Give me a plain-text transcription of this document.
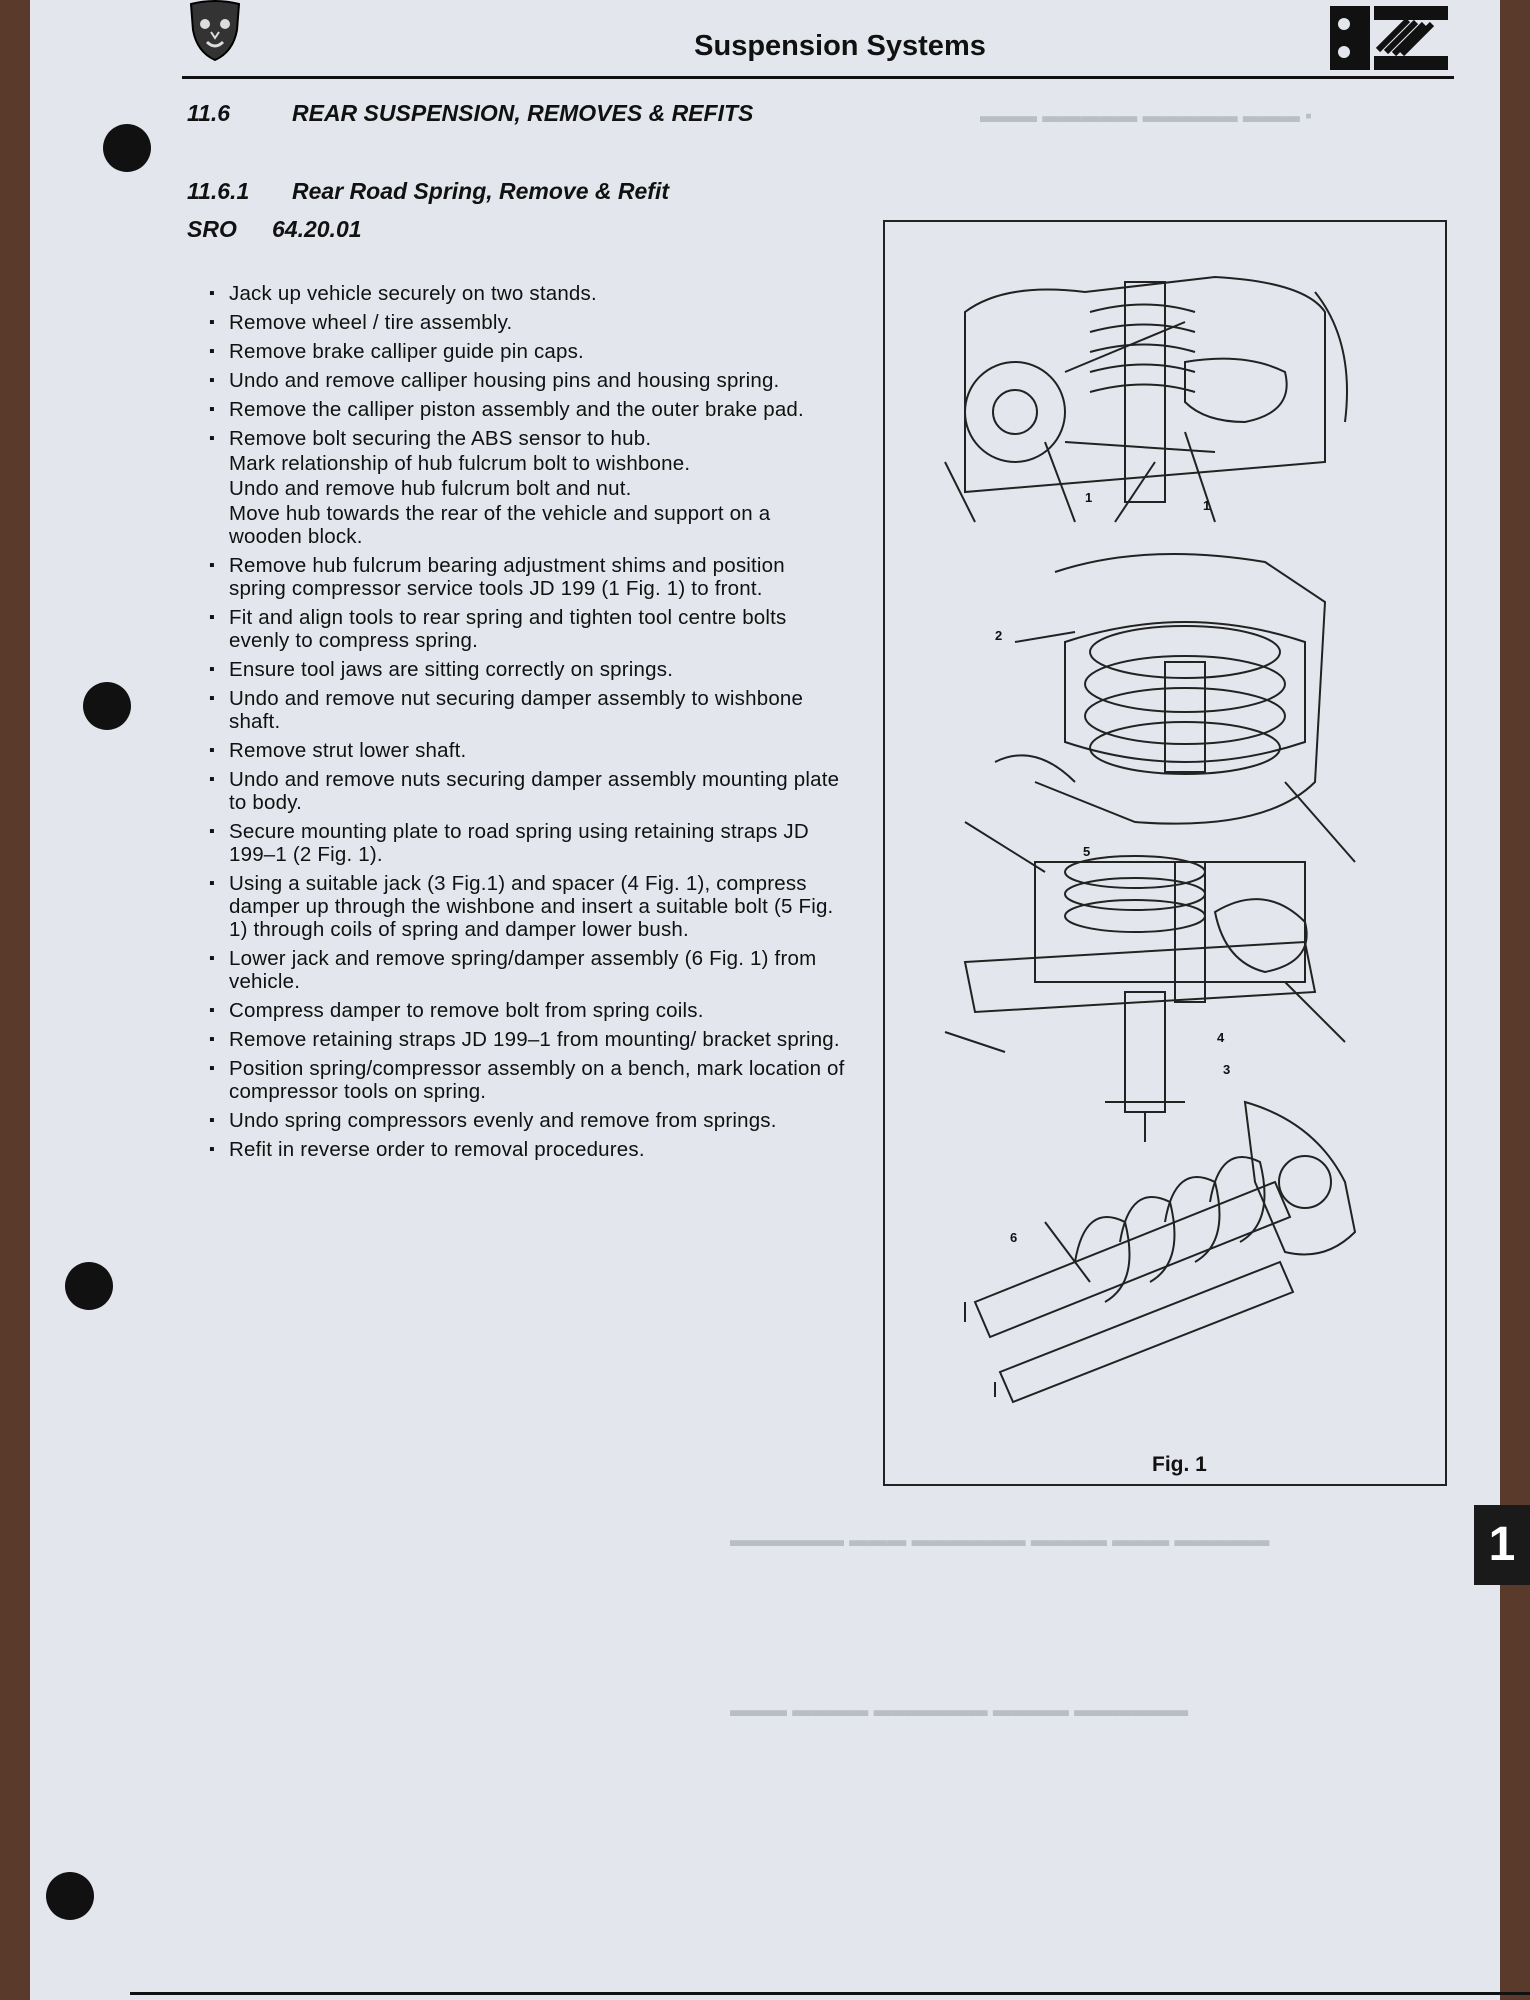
Suspension Systems
▪ ▬▬▬ ▬▬▬▬▬ ▬▬▬▬▬ ▬▬▬
▬▬▬▬▬ ▬▬▬ ▬▬▬▬ ▬▬▬▬▬▬ ▬▬▬ ▬▬▬▬▬▬
▬▬▬▬▬▬ ▬▬▬▬ ▬▬▬▬▬▬ ▬▬▬▬ ▬▬▬
11.6	REAR SUSPENSION, REMOVES & REFITS
11.6.1 Rear Road Spring, Remove & Refit
SRO 64.20.01
▪ Jack up vehicle securely on two stands.
▪ Remove wheel / tire assembly.
▪ Remove brake calliper guide pin caps.
▪ Undo and remove calliper housing pins and housing spring.
▪ Remove the calliper piston assembly and the outer brake pad.
▪ Remove bolt securing the ABS sensor to hub.
Mark relationship of hub fulcrum bolt to wishbone.
Undo and remove hub fulcrum bolt and nut.
Move hub towards the rear of the vehicle and support on a wooden block.
▪ Remove hub fulcrum bearing adjustment shims and position spring compressor service tools JD 199 (1 Fig. 1) to front.
▪ Fit and align tools to rear spring and tighten tool centre bolts evenly to compress spring.
▪ Ensure tool jaws are sitting correctly on springs.
▪ Undo and remove nut securing damper assembly to wishbone shaft.
▪ Remove strut lower shaft.
▪ Undo and remove nuts securing damper assembly mounting plate to body.
▪ Secure mounting plate to road spring using retaining straps JD 199–1 (2 Fig. 1).
▪ Using a suitable jack (3 Fig.1) and spacer (4 Fig. 1), compress damper up through the wishbone and insert a suitable bolt (5 Fig. 1) through coils of spring and damper lower bush.
▪ Lower jack and remove spring/damper assembly (6 Fig. 1) from vehicle.
▪ Compress damper to remove bolt from spring coils.
▪ Remove retaining straps JD 199–1 from mounting/ bracket spring.
▪ Position spring/compressor assembly on a bench, mark location of compressor tools on spring.
▪ Undo spring compressors evenly and remove from springs.
▪ Refit in reverse order to removal procedures.
1
1
2
5
4
3
6
Fig. 1
1
